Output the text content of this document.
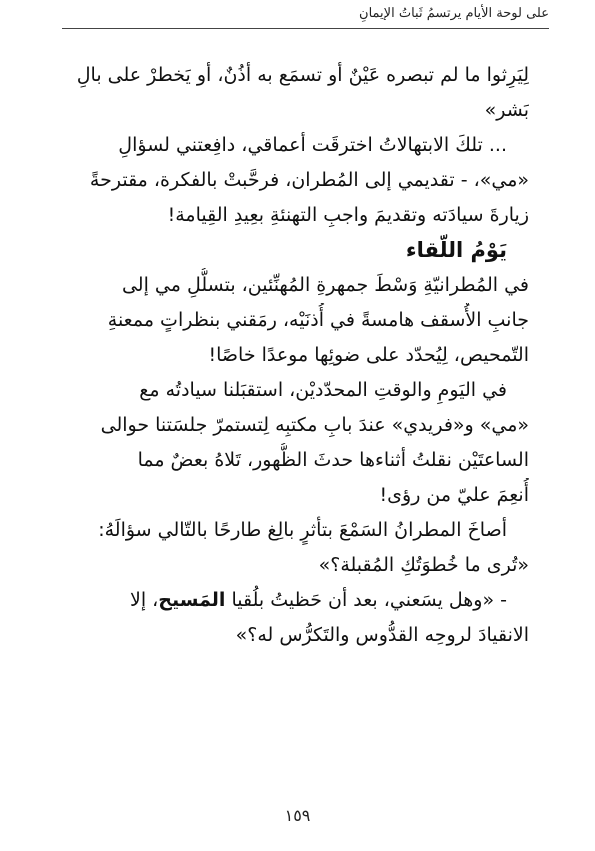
على لوحة الأيام يرتسمُ ثَباتُ الإيمانِ
لِيَرِثوا ما لم تبصره عَيْنٌ أو تسمَع به أذُنٌ، أو يَخطرْ على بالِ
بَشر»
... تلكَ الابتهالاتُ اخترقَت أعماقي، دافِعتني لسؤالِ
«مي»، - تقديمي إلى المُطران، فرحَّبتْ بالفكرة، مقترحةً
زيارةَ سيادَته وتقديمَ واجبِ التهنئةِ بعِيدِ القِيامة!
يَوْمُ اللّقاء
في المُطرانيّةِ وَسْطَ جمهرةِ المُهنِّئين، بتسلُّلِ مي إلى
جانبِ الأُسقف هامسةً في أُذنَيْه، رمَقني بنظراتٍ ممعنةِ
التّمحيص، لِيُحدّد على ضوئِها موعدًا خاصًا!
في اليَومِ والوقتِ المحدّديْن، استقبَلنا سيادتُه مع
«مي» و«فريدي» عندَ بابِ مكتبِه لِتستمرّ جلسَتنا حوالى
الساعتَيْن نقلتُ أثناءها حدثَ الظُّهور، تَلاهُ بعضٌ مما
أُنعِمَ عليّ من رؤى!
أصاخَ المطرانُ السَمْعَ بتأثرٍ بالِغ طارحًا بالتّالي سؤالَهُ:
«تُرى ما خُطوَتُكِ المُقبلة؟»
- «وهل يسَعني، بعد أن حَظيتُ بلُقيا المَسيح، إلا
الانقيادَ لروحِه القدُّوس والتَكرُّس له؟»
١٥٩
